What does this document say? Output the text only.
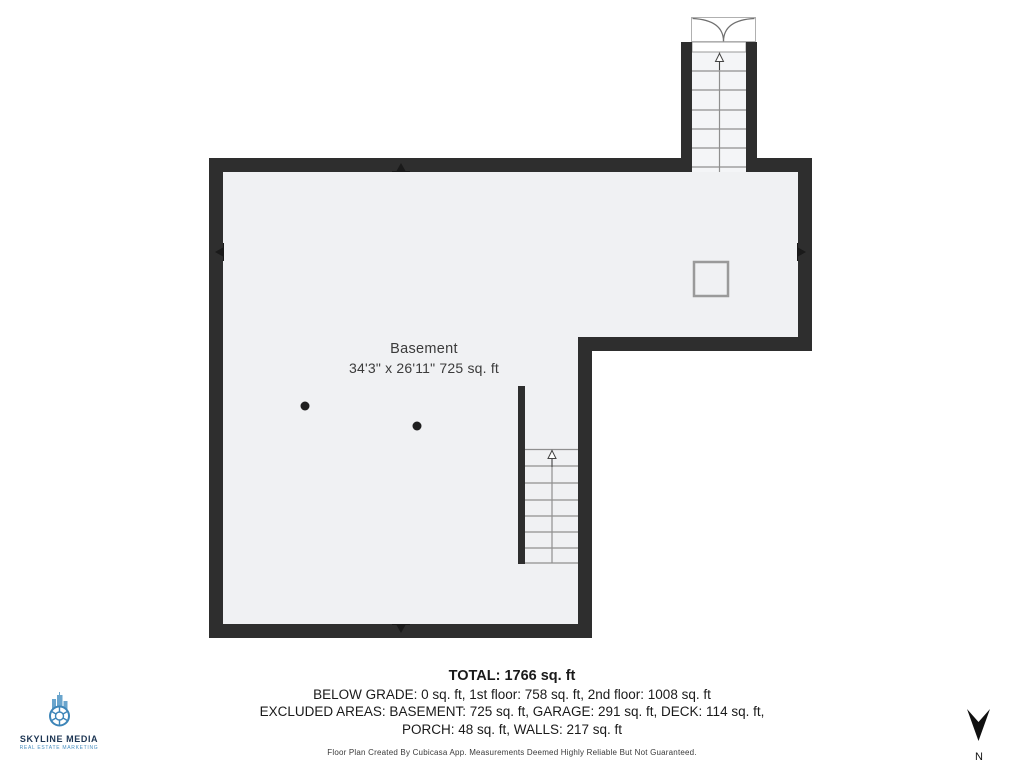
Basement
34'3" x 26'11" 725 sq. ft
TOTAL: 1766 sq. ft
BELOW GRADE: 0 sq. ft, 1st floor: 758 sq. ft, 2nd floor: 1008 sq. ft
EXCLUDED AREAS: BASEMENT: 725 sq. ft, GARAGE: 291 sq. ft, DECK: 114 sq. ft,
PORCH: 48 sq. ft, WALLS: 217 sq. ft
Floor Plan Created By Cubicasa App. Measurements Deemed Highly Reliable But Not Guaranteed.
SKYLINE MEDIA
REAL ESTATE MARKETING
N
